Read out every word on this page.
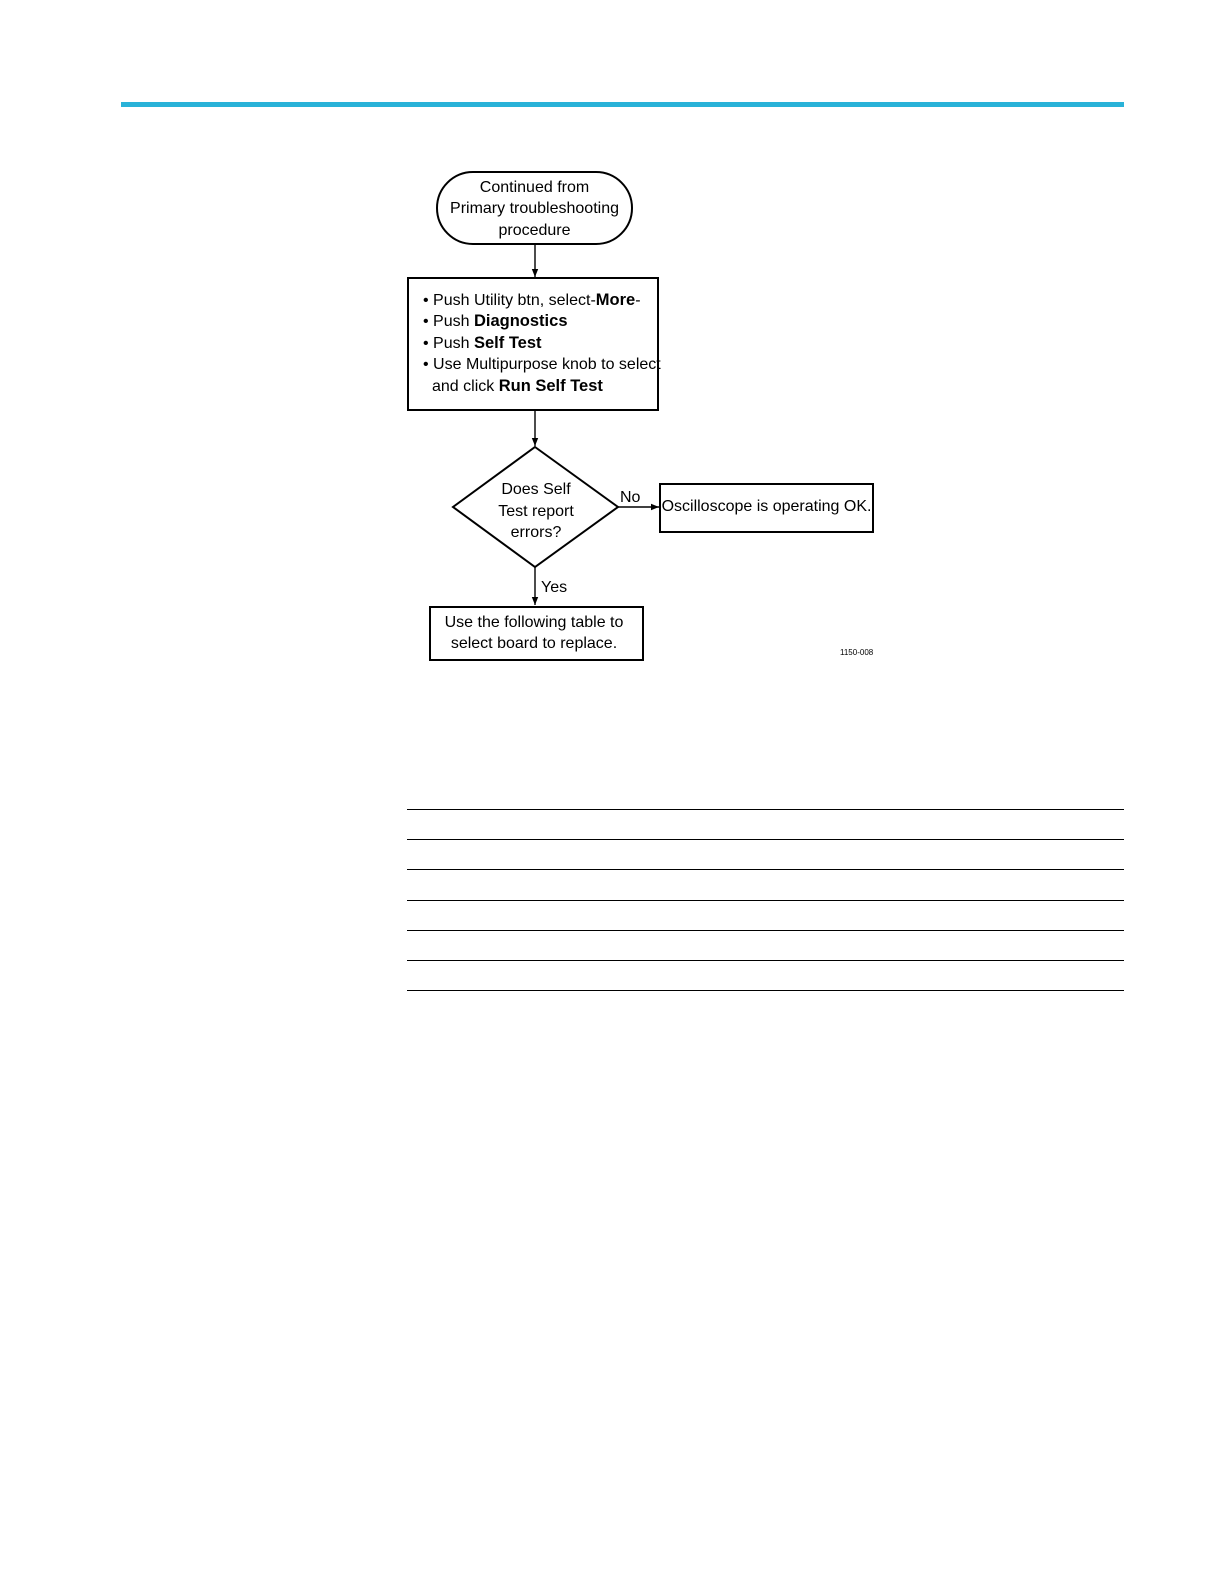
Continued from
Primary troubleshooting
procedure
• Push Utility btn, select-More-
• Push Diagnostics
• Push Self Test
• Use Multipurpose knob to select
and click Run Self Test
Does Self
Test report
errors?
No
Oscilloscope is operating OK.
Yes
Use the following table to
select board to replace.
1150-008
